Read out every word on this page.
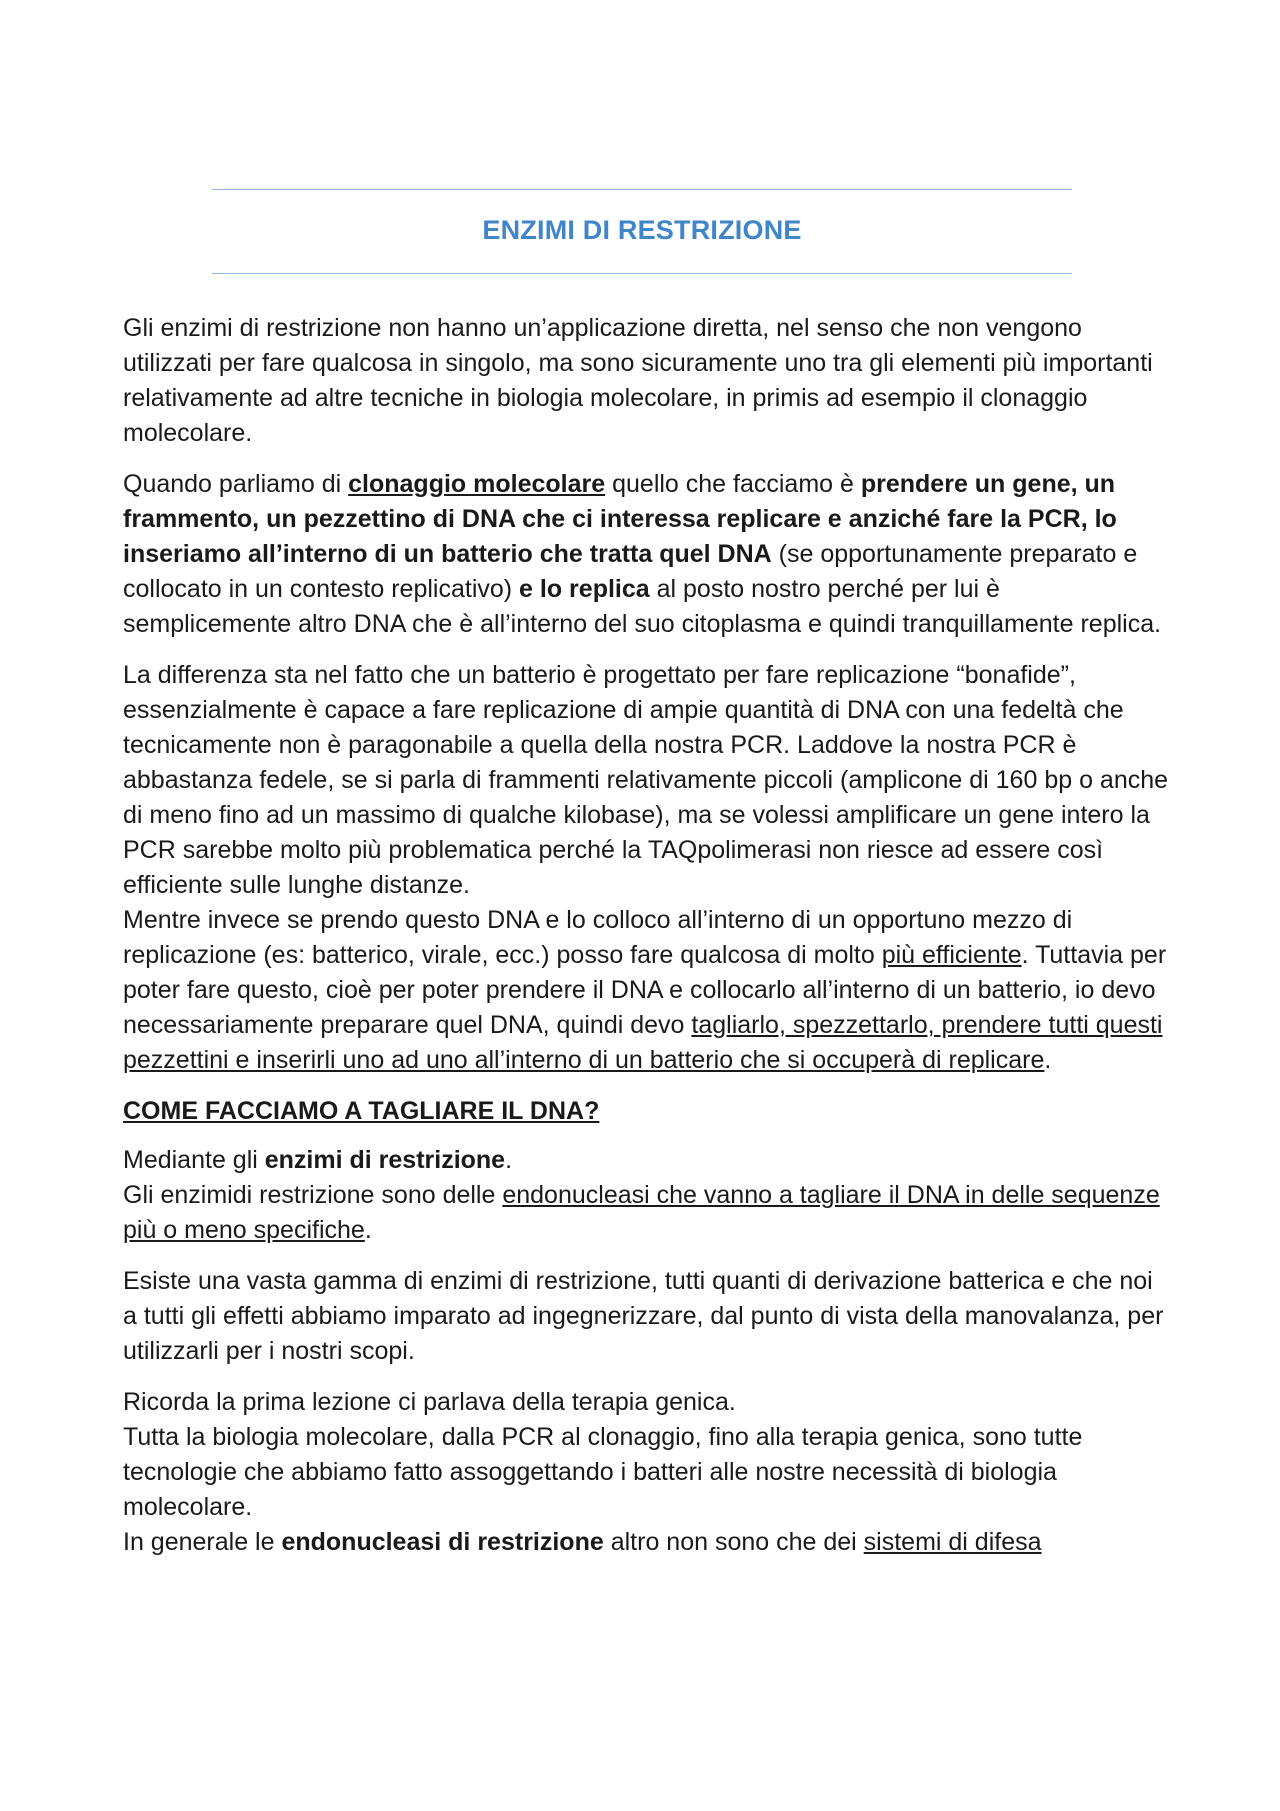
ENZIMI DI RESTRIZIONE

Gli enzimi di restrizione non hanno un’applicazione diretta, nel senso che non vengono utilizzati per fare qualcosa in singolo, ma sono sicuramente uno tra gli elementi più importanti relativamente ad altre tecniche in biologia molecolare, in primis ad esempio il clonaggio molecolare.

Quando parliamo di clonaggio molecolare quello che facciamo è prendere un gene, un frammento, un pezzettino di DNA che ci interessa replicare e anziché fare la PCR, lo inseriamo all’interno di un batterio che tratta quel DNA (se opportunamente preparato e collocato in un contesto replicativo) e lo replica al posto nostro perché per lui è semplicemente altro DNA che è all’interno del suo citoplasma e quindi tranquillamente replica.

La differenza sta nel fatto che un batterio è progettato per fare replicazione “bonafide”, essenzialmente è capace a fare replicazione di ampie quantità di DNA con una fedeltà che tecnicamente non è paragonabile a quella della nostra PCR. Laddove la nostra PCR è abbastanza fedele, se si parla di frammenti relativamente piccoli (amplicone di 160 bp o anche di meno fino ad un massimo di qualche kilobase), ma se volessi amplificare un gene intero la PCR sarebbe molto più problematica perché la TAQpolimerasi non riesce ad essere così efficiente sulle lunghe distanze.

Mentre invece se prendo questo DNA e lo colloco all’interno di un opportuno mezzo di replicazione (es: batterico, virale, ecc.) posso fare qualcosa di molto più efficiente. Tuttavia per poter fare questo, cioè per poter prendere il DNA e collocarlo all’interno di un batterio, io devo necessariamente preparare quel DNA, quindi devo tagliarlo, spezzettarlo, prendere tutti questi pezzettini e inserirli uno ad uno all’interno di un batterio che si occuperà di replicare.

COME FACCIAMO A TAGLIARE IL DNA?

Mediante gli enzimi di restrizione.

Gli enzimidi restrizione sono delle endonucleasi che vanno a tagliare il DNA in delle sequenze più o meno specifiche.

Esiste una vasta gamma di enzimi di restrizione, tutti quanti di derivazione batterica e che noi a tutti gli effetti abbiamo imparato ad ingegnerizzare, dal punto di vista della manovalanza, per utilizzarli per i nostri scopi.

Ricorda la prima lezione ci parlava della terapia genica.

Tutta la biologia molecolare, dalla PCR al clonaggio, fino alla terapia genica, sono tutte tecnologie che abbiamo fatto assoggettando i batteri alle nostre necessità di biologia molecolare.

In generale le endonucleasi di restrizione altro non sono che dei sistemi di difesa
